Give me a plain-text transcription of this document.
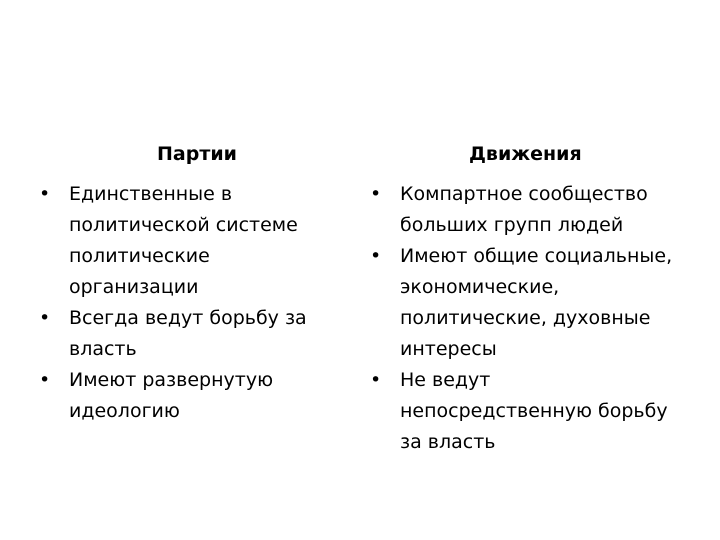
Партии
• Единственные в политической системе политические организации
• Всегда ведут борьбу за власть
• Имеют развернутую идеологию
Движения
• Компартное сообщество больших групп людей
• Имеют общие социальные, экономические, политические, духовные интересы
• Не ведут непосредственную борьбу за власть
